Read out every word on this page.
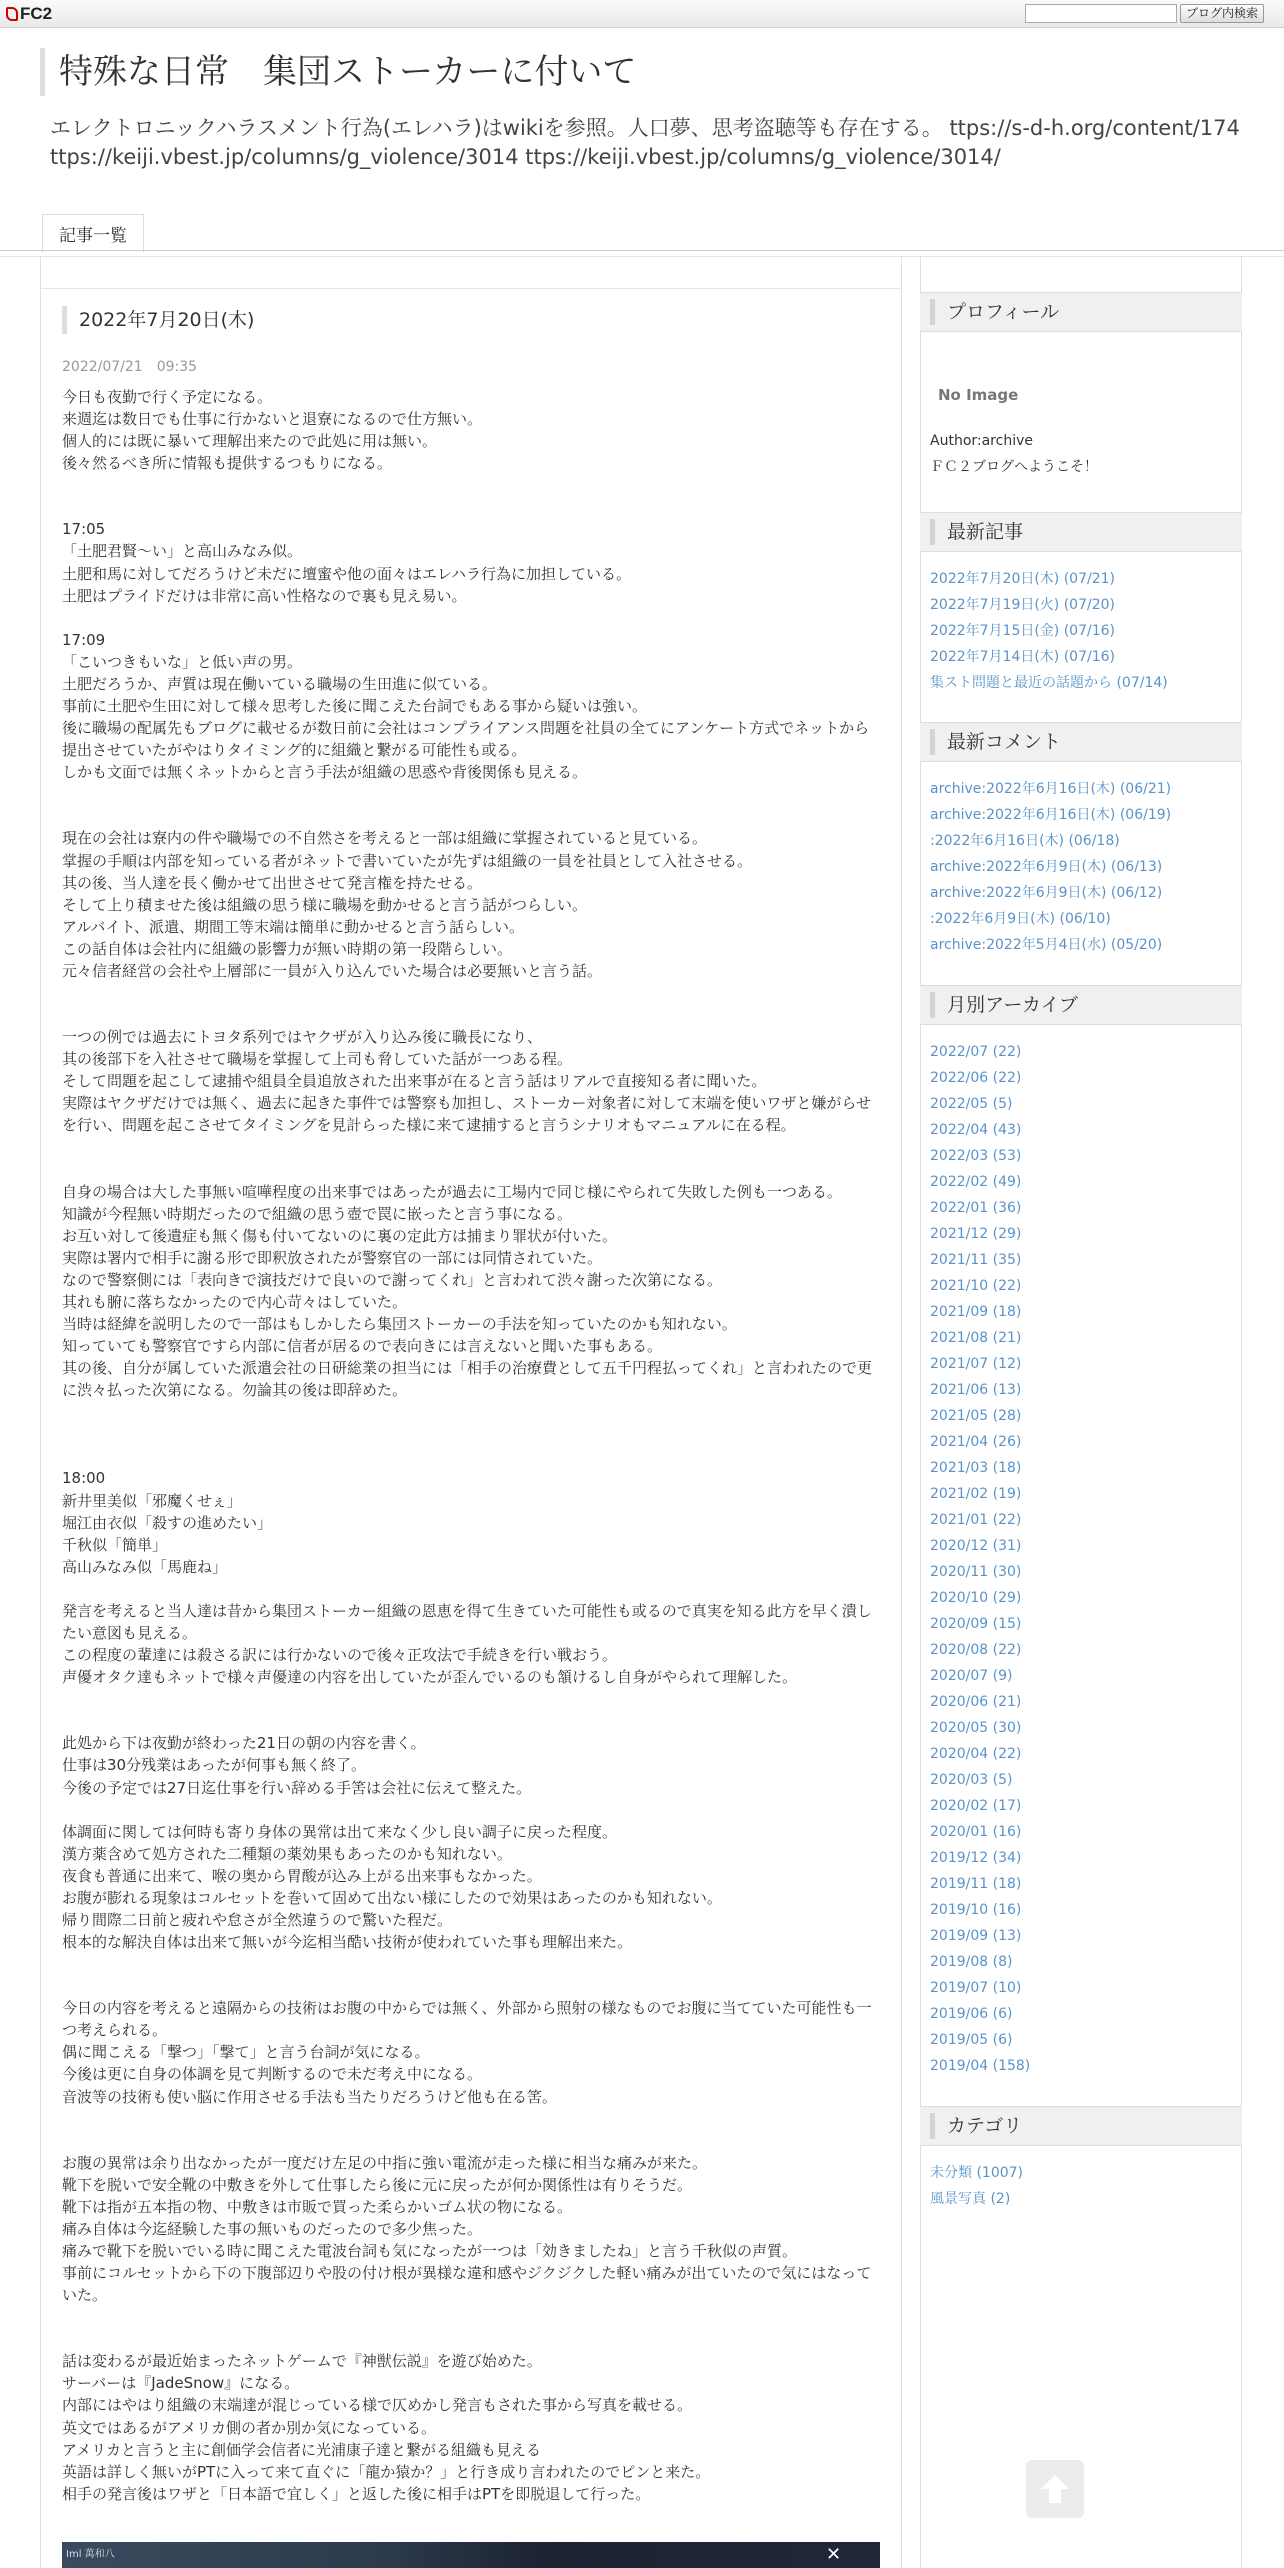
FC2	ブログ内検索
特殊な日常　集団ストーカーに付いて
エレクトロニックハラスメント行為(エレハラ)はwikiを参照。人口夢、思考盗聴等も存在する。 ttps://s-d-h.org/content/174 ttps://keiji.vbest.jp/columns/g_violence/3014 ttps://keiji.vbest.jp/columns/g_violence/3014/
記事一覧
2022年7月20日(木)
2022/07/21　09:35

今日も夜勤で行く予定になる。
来週迄は数日でも仕事に行かないと退寮になるので仕方無い。
個人的には既に暴いて理解出来たので此処に用は無い。
後々然るべき所に情報も提供するつもりになる。

17:05
「土肥君賢～い」と高山みなみ似。
土肥和馬に対してだろうけど未だに壇蜜や他の面々はエレハラ行為に加担している。
土肥はプライドだけは非常に高い性格なので裏も見え易い。

17:09
「こいつきもいな」と低い声の男。
土肥だろうか、声質は現在働いている職場の生田進に似ている。
事前に土肥や生田に対して様々思考した後に聞こえた台詞でもある事から疑いは強い。
後に職場の配属先もブログに載せるが数日前に会社はコンプライアンス問題を社員の全てにアンケート方式でネットから提出させていたがやはりタイミング的に組織と繋がる可能性も或る。
しかも文面では無くネットからと言う手法が組織の思惑や背後関係も見える。

現在の会社は寮内の件や職場での不自然さを考えると一部は組織に掌握されていると見ている。
掌握の手順は内部を知っている者がネットで書いていたが先ずは組織の一員を社員として入社させる。
其の後、当人達を長く働かせて出世させて発言権を持たせる。
そして上り積ませた後は組織の思う様に職場を動かせると言う話がつらしい。
アルバイト、派遣、期間工等末端は簡単に動かせると言う話らしい。
この話自体は会社内に組織の影響力が無い時期の第一段階らしい。
元々信者経営の会社や上層部に一員が入り込んでいた場合は必要無いと言う話。

一つの例では過去にトヨタ系列ではヤクザが入り込み後に職長になり、
其の後部下を入社させて職場を掌握して上司も脅していた話が一つある程。
そして問題を起こして逮捕や組員全員追放された出来事が在ると言う話はリアルで直接知る者に聞いた。
実際はヤクザだけでは無く、過去に起きた事件では警察も加担し、ストーカー対象者に対して末端を使いワザと嫌がらせを行い、問題を起こさせてタイミングを見計らった様に来て逮捕すると言うシナリオもマニュアルに在る程。

自身の場合は大した事無い喧嘩程度の出来事ではあったが過去に工場内で同じ様にやられて失敗した例も一つある。
知識が今程無い時期だったので組織の思う壺で罠に嵌ったと言う事になる。
お互い対して後遺症も無く傷も付いてないのに裏の定此方は捕まり罪状が付いた。
実際は署内で相手に謝る形で即釈放されたが警察官の一部には同情されていた。
なので警察側には「表向きで演技だけで良いので謝ってくれ」と言われて渋々謝った次第になる。
其れも腑に落ちなかったので内心苛々はしていた。
当時は経緯を説明したので一部はもしかしたら集団ストーカーの手法を知っていたのかも知れない。
知っていても警察官ですら内部に信者が居るので表向きには言えないと聞いた事もある。
其の後、自分が属していた派遣会社の日研総業の担当には「相手の治療費として五千円程払ってくれ」と言われたので更に渋々払った次第になる。勿論其の後は即辞めた。

18:00
新井里美似「邪魔くせぇ」
堀江由衣似「殺すの進めたい」
千秋似「簡単」
高山みなみ似「馬鹿ね」

発言を考えると当人達は昔から集団ストーカー組織の恩恵を得て生きていた可能性も或るので真実を知る此方を早く潰したい意図も見える。
この程度の輩達には殺さる訳には行かないので後々正攻法で手続きを行い戦おう。
声優オタク達もネットで様々声優達の内容を出していたが歪んでいるのも頷けるし自身がやられて理解した。

此処から下は夜勤が終わった21日の朝の内容を書く。
仕事は30分残業はあったが何事も無く終了。
今後の予定では27日迄仕事を行い辞める手筈は会社に伝えて整えた。

体調面に関しては何時も寄り身体の異常は出て来なく少し良い調子に戻った程度。
漢方薬含めて処方された二種類の薬効果もあったのかも知れない。
夜食も普通に出来て、喉の奥から胃酸が込み上がる出来事もなかった。
お腹が膨れる現象はコルセットを巻いて固めて出ない様にしたので効果はあったのかも知れない。
帰り間際二日前と疲れや怠さが全然違うので驚いた程だ。
根本的な解決自体は出来て無いが今迄相当酷い技術が使われていた事も理解出来た。

今日の内容を考えると遠隔からの技術はお腹の中からでは無く、外部から照射の様なものでお腹に当てていた可能性も一つ考えられる。
偶に聞こえる「撃つ」「撃て」と言う台詞が気になる。
今後は更に自身の体調を見て判断するので未だ考え中になる。
音波等の技術も使い脳に作用させる手法も当たりだろうけど他も在る筈。

お腹の異常は余り出なかったが一度だけ左足の中指に強い電流が走った様に相当な痛みが来た。
靴下を脱いで安全靴の中敷きを外して仕事したら後に元に戻ったが何か関係性は有りそうだ。
靴下は指が五本指の物、中敷きは市販で買った柔らかいゴム状の物になる。
痛み自体は今迄経験した事の無いものだったので多少焦った。
痛みで靴下を脱いでいる時に聞こえた電波台詞も気になったが一つは「効きましたね」と言う千秋似の声質。
事前にコルセットから下の下腹部辺りや股の付け根が異様な違和感やジクジクした軽い痛みが出ていたので気にはなっていた。

話は変わるが最近始まったネットゲームで『神獣伝説』を遊び始めた。
サーバーは『JadeSnow』になる。
内部にはやはり組織の末端達が混じっている様で仄めかし発言もされた事から写真を載せる。
英文ではあるがアメリカ側の者か別か気になっている。
アメリカと言うと主に創価学会信者に光浦康子達と繋がる組織も見える
英語は詳しく無いがPTに入って来て直ぐに「龍か猿か？」と行き成り言われたのでピンと来た。
相手の発言後はワザと「日本語で宜しく」と返した後に相手はPTを即脱退して行った。

Iml 萬和八	✕
プロフィール
No Image
Author:archive
ＦＣ２ブログへようこそ！
最新記事
2022年7月20日(木) (07/21)
2022年7月19日(火) (07/20)
2022年7月15日(金) (07/16)
2022年7月14日(木) (07/16)
集スト問題と最近の話題から (07/14)
最新コメント
archive:2022年6月16日(木) (06/21)
archive:2022年6月16日(木) (06/19)
:2022年6月16日(木) (06/18)
archive:2022年6月9日(木) (06/13)
archive:2022年6月9日(木) (06/12)
:2022年6月9日(木) (06/10)
archive:2022年5月4日(水) (05/20)
月別アーカイブ
2022/07 (22)
2022/06 (22)
2022/05 (5)
2022/04 (43)
2022/03 (53)
2022/02 (49)
2022/01 (36)
2021/12 (29)
2021/11 (35)
2021/10 (22)
2021/09 (18)
2021/08 (21)
2021/07 (12)
2021/06 (13)
2021/05 (28)
2021/04 (26)
2021/03 (18)
2021/02 (19)
2021/01 (22)
2020/12 (31)
2020/11 (30)
2020/10 (29)
2020/09 (15)
2020/08 (22)
2020/07 (9)
2020/06 (21)
2020/05 (30)
2020/04 (22)
2020/03 (5)
2020/02 (17)
2020/01 (16)
2019/12 (34)
2019/11 (18)
2019/10 (16)
2019/09 (13)
2019/08 (8)
2019/07 (10)
2019/06 (6)
2019/05 (6)
2019/04 (158)
カテゴリ
未分類 (1007)
風景写真 (2)
